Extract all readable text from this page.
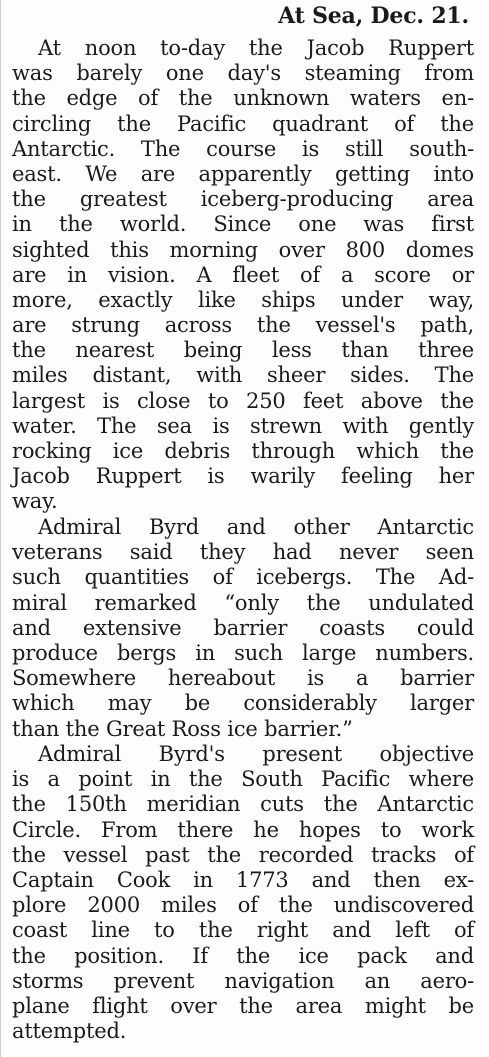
At Sea, Dec. 21.
At noon to-day the Jacob Ruppert
was barely one day's steaming from
the edge of the unknown waters en-
circling the Pacific quadrant of the
Antarctic. The course is still south-
east. We are apparently getting into
the greatest iceberg-producing area
in the world. Since one was first
sighted this morning over 800 domes
are in vision. A fleet of a score or
more, exactly like ships under way,
are strung across the vessel's path,
the nearest being less than three
miles distant, with sheer sides. The
largest is close to 250 feet above the
water. The sea is strewn with gently
rocking ice debris through which the
Jacob Ruppert is warily feeling her
way.
Admiral Byrd and other Antarctic
veterans said they had never seen
such quantities of icebergs. The Ad-
miral remarked “only the undulated
and extensive barrier coasts could
produce bergs in such large numbers.
Somewhere hereabout is a barrier
which may be considerably larger
than the Great Ross ice barrier.”
Admiral Byrd's present objective
is a point in the South Pacific where
the 150th meridian cuts the Antarctic
Circle. From there he hopes to work
the vessel past the recorded tracks of
Captain Cook in 1773 and then ex-
plore 2000 miles of the undiscovered
coast line to the right and left of
the position. If the ice pack and
storms prevent navigation an aero-
plane flight over the area might be
attempted.
